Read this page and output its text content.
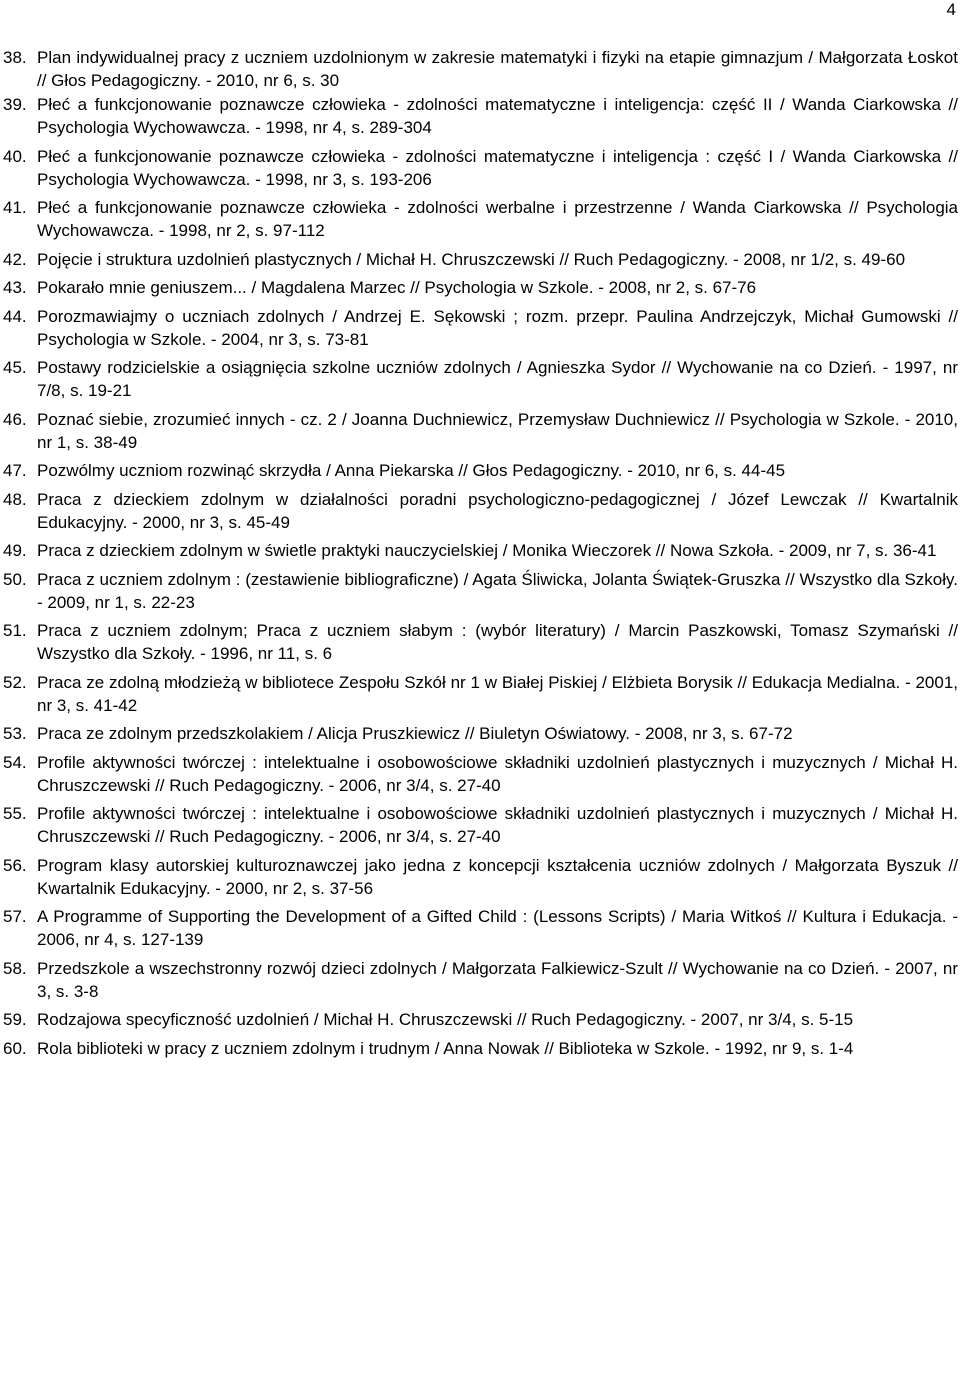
4
38. Plan indywidualnej pracy z uczniem uzdolnionym w zakresie matematyki i fizyki na etapie gimnazjum / Małgorzata Łoskot // Głos Pedagogiczny. - 2010, nr 6, s. 30
39. Płeć a funkcjonowanie poznawcze człowieka - zdolności matematyczne i inteligencja: część II / Wanda Ciarkowska // Psychologia Wychowawcza. - 1998, nr 4, s. 289-304
40. Płeć a funkcjonowanie poznawcze człowieka - zdolności matematyczne i inteligencja : część I / Wanda Ciarkowska // Psychologia Wychowawcza. - 1998, nr 3, s. 193-206
41. Płeć a funkcjonowanie poznawcze człowieka - zdolności werbalne i przestrzenne / Wanda Ciarkowska // Psychologia Wychowawcza. - 1998, nr 2, s. 97-112
42. Pojęcie i struktura uzdolnień plastycznych / Michał H. Chruszczewski // Ruch Pedagogiczny. - 2008, nr 1/2, s. 49-60
43. Pokarało mnie geniuszem... / Magdalena Marzec // Psychologia w Szkole. - 2008, nr 2, s. 67-76
44. Porozmawiajmy o uczniach zdolnych / Andrzej E. Sękowski ; rozm. przepr. Paulina Andrzejczyk, Michał Gumowski // Psychologia w Szkole. - 2004, nr 3, s. 73-81
45. Postawy rodzicielskie a osiągnięcia szkolne uczniów zdolnych / Agnieszka Sydor // Wychowanie na co Dzień. - 1997, nr 7/8, s. 19-21
46. Poznać siebie, zrozumieć innych - cz. 2 / Joanna Duchniewicz, Przemysław Duchniewicz // Psychologia w Szkole. - 2010, nr 1, s. 38-49
47. Pozwólmy uczniom rozwinąć skrzydła / Anna Piekarska // Głos Pedagogiczny. - 2010, nr 6, s. 44-45
48. Praca z dzieckiem zdolnym w działalności poradni psychologiczno-pedagogicznej / Józef Lewczak // Kwartalnik Edukacyjny. - 2000, nr 3, s. 45-49
49. Praca z dzieckiem zdolnym w świetle praktyki nauczycielskiej / Monika Wieczorek // Nowa Szkoła. - 2009, nr 7, s. 36-41
50. Praca z uczniem zdolnym : (zestawienie bibliograficzne) / Agata Śliwicka, Jolanta Świątek-Gruszka // Wszystko dla Szkoły. - 2009, nr 1, s. 22-23
51. Praca z uczniem zdolnym; Praca z uczniem słabym : (wybór literatury) / Marcin Paszkowski, Tomasz Szymański // Wszystko dla Szkoły. - 1996, nr 11, s. 6
52. Praca ze zdolną młodzieżą w bibliotece Zespołu Szkół nr 1 w Białej Piskiej / Elżbieta Borysik // Edukacja Medialna. - 2001, nr 3, s. 41-42
53. Praca ze zdolnym przedszkolakiem / Alicja Pruszkiewicz // Biuletyn Oświatowy. - 2008, nr 3, s. 67-72
54. Profile aktywności twórczej : intelektualne i osobowościowe składniki uzdolnień plastycznych i muzycznych / Michał H. Chruszczewski // Ruch Pedagogiczny. - 2006, nr 3/4, s. 27-40
55. Profile aktywności twórczej : intelektualne i osobowościowe składniki uzdolnień plastycznych i muzycznych / Michał H. Chruszczewski // Ruch Pedagogiczny. - 2006, nr 3/4, s. 27-40
56. Program klasy autorskiej kulturoznawczej jako jedna z koncepcji kształcenia uczniów zdolnych / Małgorzata Byszuk // Kwartalnik Edukacyjny. - 2000, nr 2, s. 37-56
57. A Programme of Supporting the Development of a Gifted Child : (Lessons Scripts) / Maria Witkoś // Kultura i Edukacja. - 2006, nr 4, s. 127-139
58. Przedszkole a wszechstronny rozwój dzieci zdolnych / Małgorzata Falkiewicz-Szult // Wychowanie na co Dzień. - 2007, nr 3, s. 3-8
59. Rodzajowa specyficzność uzdolnień / Michał H. Chruszczewski // Ruch Pedagogiczny. - 2007, nr 3/4, s. 5-15
60. Rola biblioteki w pracy z uczniem zdolnym i trudnym / Anna Nowak // Biblioteka w Szkole. - 1992, nr 9, s. 1-4
